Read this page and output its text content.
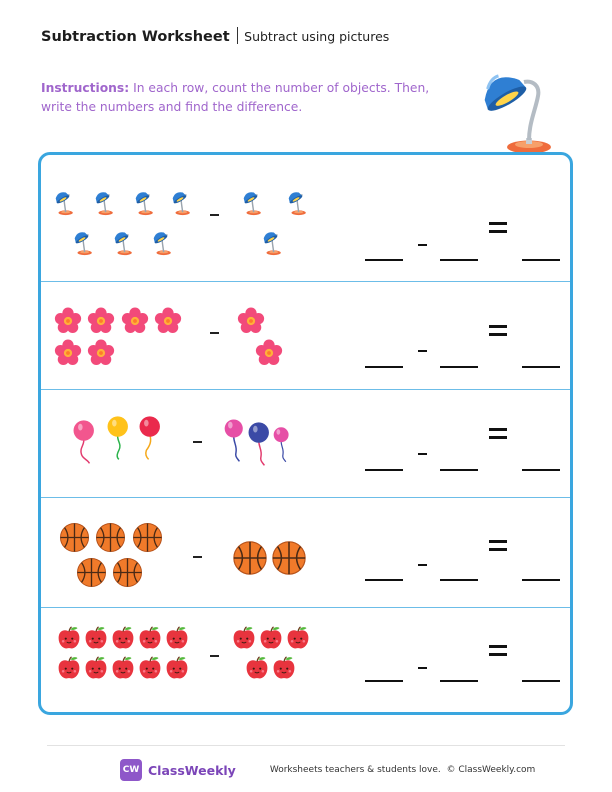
Subtraction Worksheet Subtract using pictures
Instructions: In each row, count the number of objects. Then, write the numbers and find the difference.
CW ClassWeekly	Worksheets teachers & students love. © ClassWeekly.com
